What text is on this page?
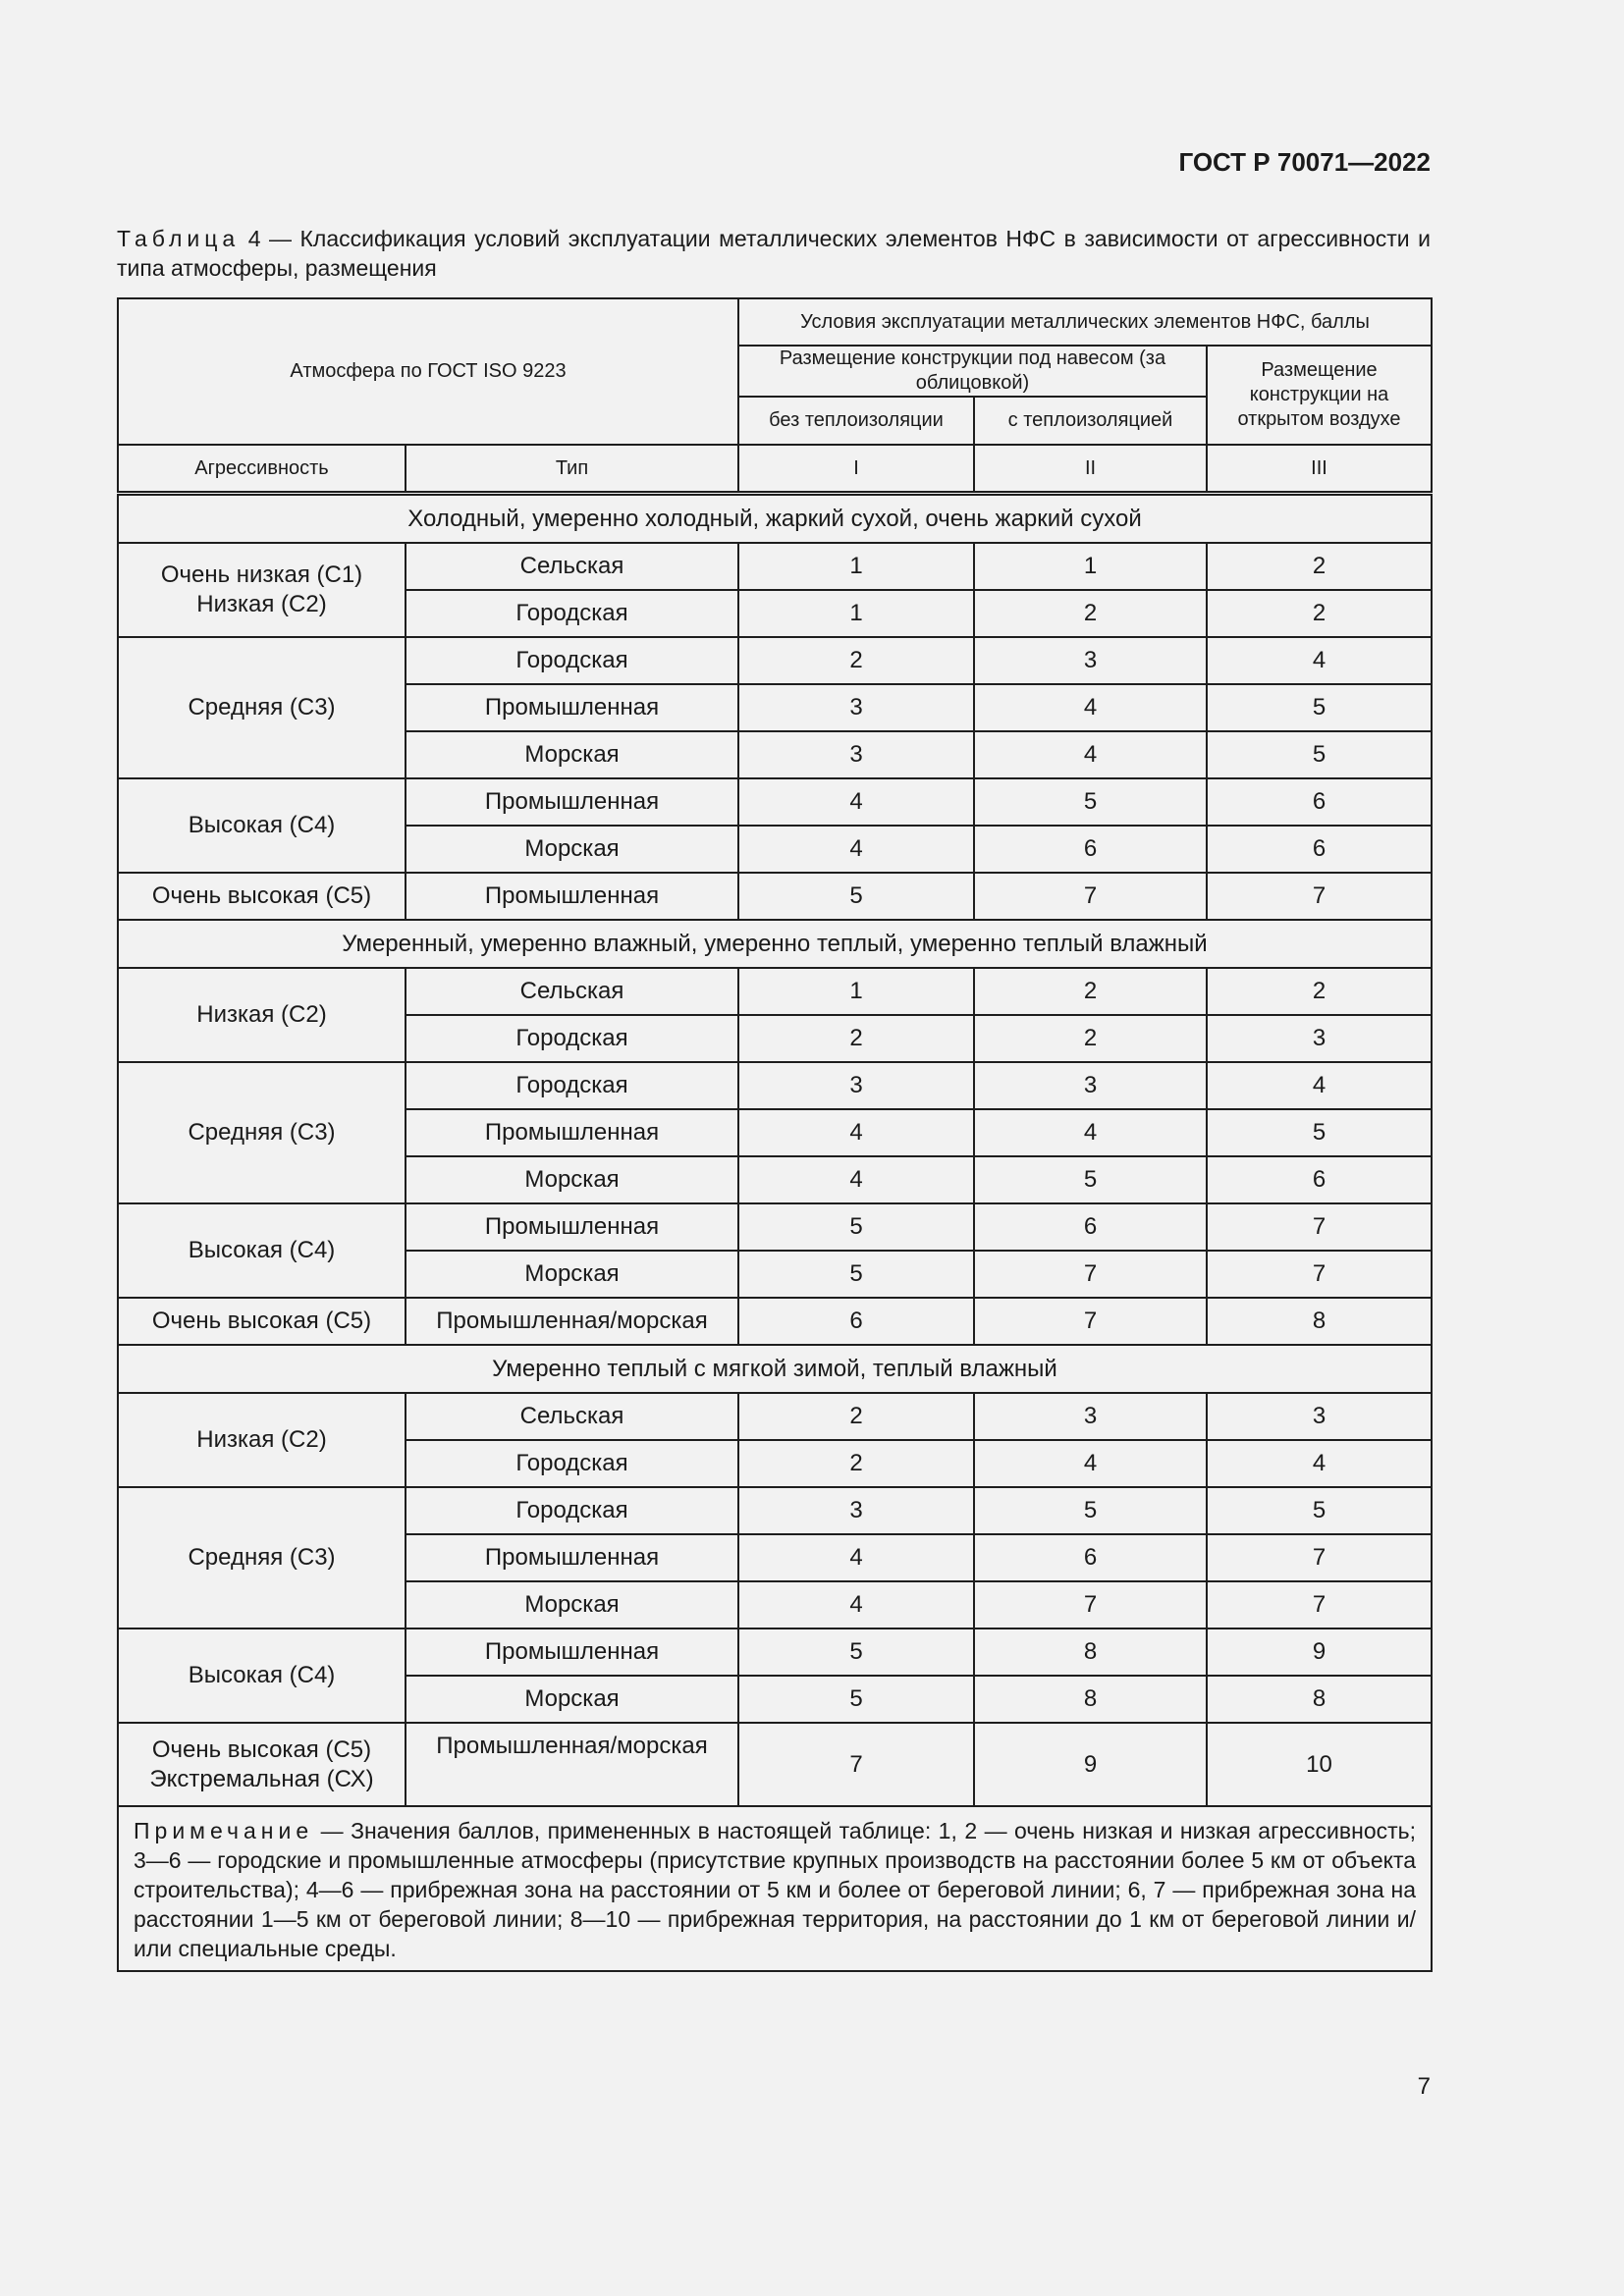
ГОСТ Р 70071—2022
Таблица 4 — Классификация условий эксплуатации металлических элементов НФС в зависимости от агрессивности и типа атмосферы, размещения
Атмосфера по ГОСТ ISO 9223		Условия эксплуатации металлических элементов НФС, баллы		
		Размещение конструкции под навесом (за облицовкой)		Размещение конструкции на открытом воздухе
		без теплоизоляции	с теплоизоляцией	
Агрессивность	Тип	I	II	III
Холодный, умеренно холодный, жаркий сухой, очень жаркий сухой				
Очень низкая (С1) Низкая (С2)	Сельская	1	1	2
	Городская	1	2	2
Средняя (С3)	Городская	2	3	4
	Промышленная	3	4	5
	Морская	3	4	5
Высокая (С4)	Промышленная	4	5	6
	Морская	4	6	6
Очень высокая (С5)	Промышленная	5	7	7
Умеренный, умеренно влажный, умеренно теплый, умеренно теплый влажный				
Низкая (С2)	Сельская	1	2	2
	Городская	2	2	3
Средняя (С3)	Городская	3	3	4
	Промышленная	4	4	5
	Морская	4	5	6
Высокая (С4)	Промышленная	5	6	7
	Морская	5	7	7
Очень высокая (С5)	Промышленная/морская	6	7	8
Умеренно теплый с мягкой зимой, теплый влажный				
Низкая (С2)	Сельская	2	3	3
	Городская	2	4	4
Средняя (С3)	Городская	3	5	5
	Промышленная	4	6	7
	Морская	4	7	7
Высокая (С4)	Промышленная	5	8	9
	Морская	5	8	8
Очень высокая (С5) Экстремальная (СХ)	Промышленная/морская	7	9	10
Примечание — Значения баллов, примененных в настоящей таблице: 1, 2 — очень низкая и низкая агрессивность; 3—6 — городские и промышленные атмосферы (присутствие крупных производств на расстоянии более 5 км от объекта строительства); 4—6 — прибрежная зона на расстоянии от 5 км и более от береговой линии; 6, 7 — прибрежная зона на расстоянии 1—5 км от береговой линии; 8—10 — прибрежная территория, на расстоянии до 1 км от береговой линии и/или специальные среды.				
7
